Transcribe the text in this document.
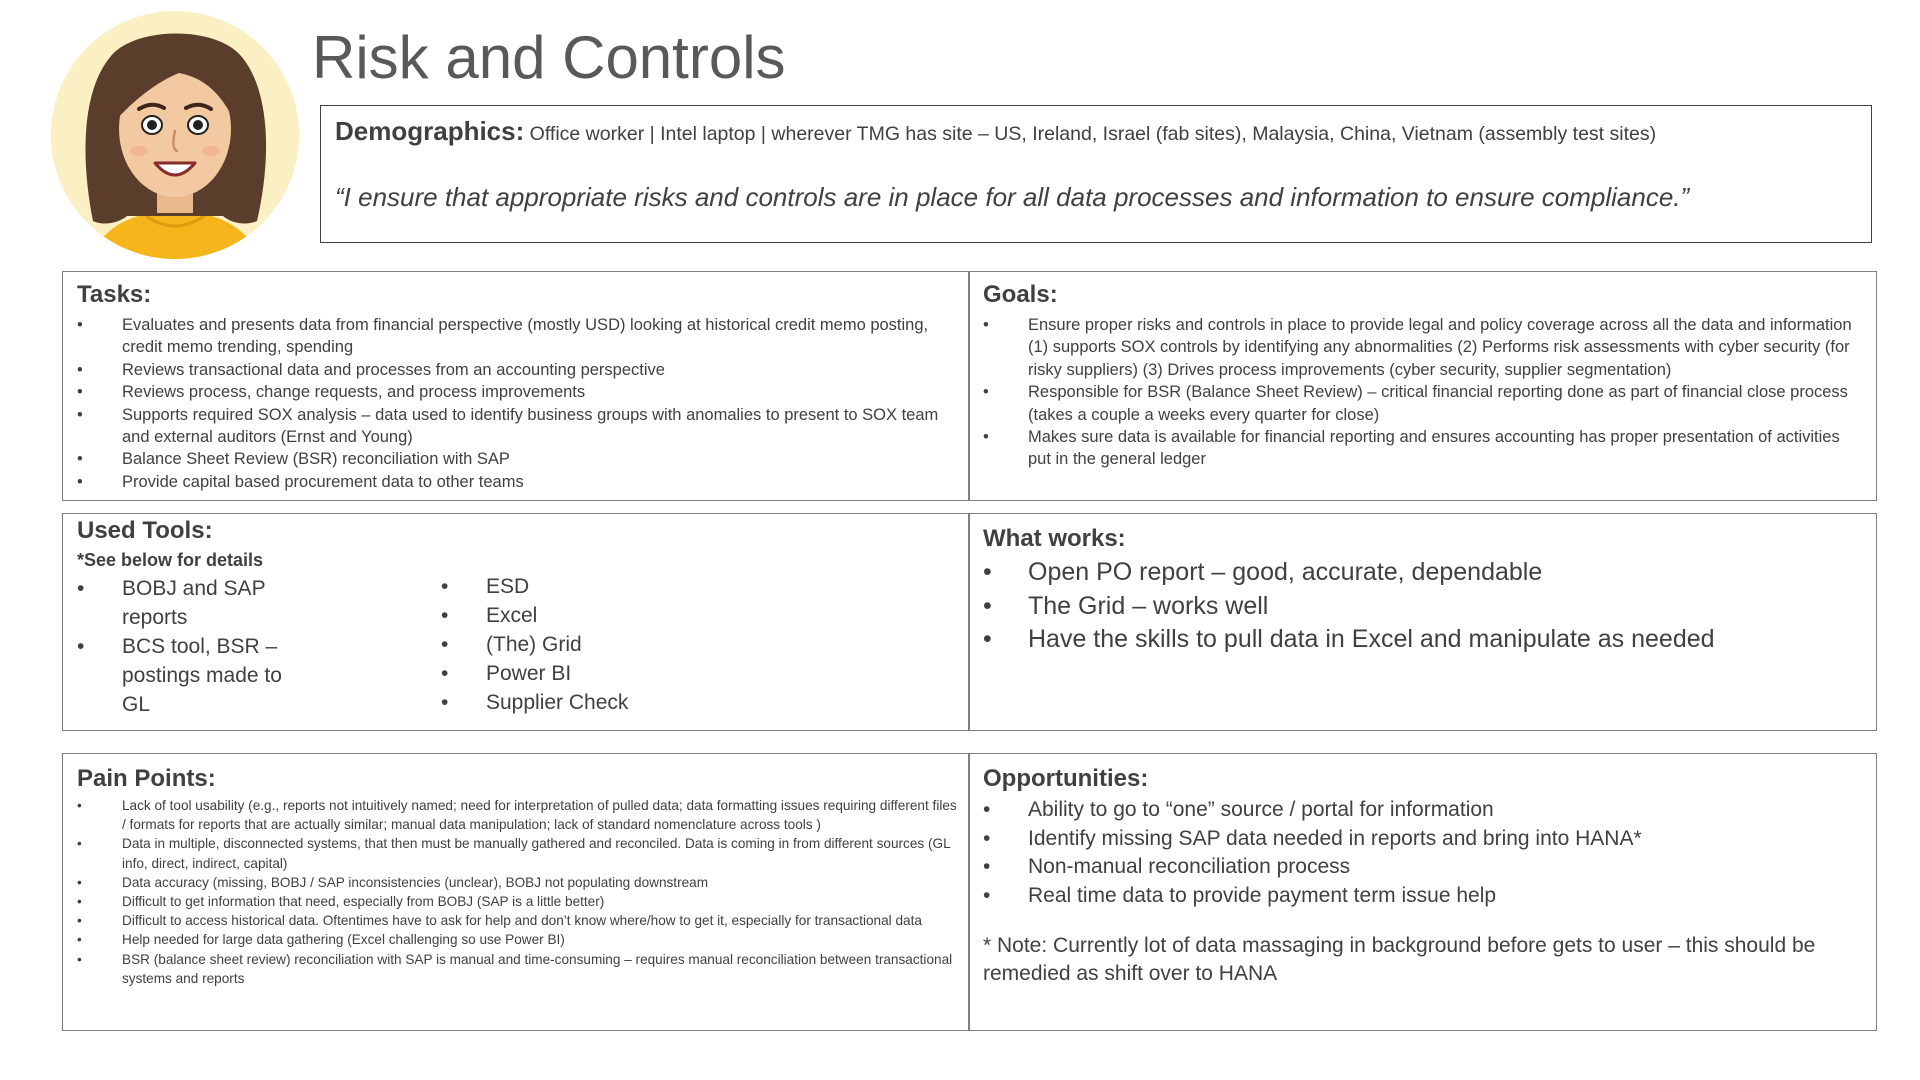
Risk and Controls
Demographics: Office worker | Intel laptop | wherever TMG has site – US, Ireland, Israel (fab sites), Malaysia, China, Vietnam (assembly test sites)
“I ensure that appropriate risks and controls are in place for all data processes and information to ensure compliance.”
Tasks:
• Evaluates and presents data from financial perspective (mostly USD) looking at historical credit memo posting, credit memo trending, spending
• Reviews transactional data and processes from an accounting perspective
• Reviews process, change requests, and process improvements
• Supports required SOX analysis – data used to identify business groups with anomalies to present to SOX team and external auditors (Ernst and Young)
• Balance Sheet Review (BSR) reconciliation with SAP
• Provide capital based procurement data to other teams
Goals:
• Ensure proper risks and controls in place to provide legal and policy coverage across all the data and information (1) supports SOX controls by identifying any abnormalities (2) Performs risk assessments with cyber security (for risky suppliers) (3) Drives process improvements (cyber security, supplier segmentation)
• Responsible for BSR (Balance Sheet Review) – critical financial reporting done as part of financial close process (takes a couple a weeks every quarter for close)
• Makes sure data is available for financial reporting and ensures accounting has proper presentation of activities put in the general ledger
Used Tools:
*See below for details
• BOBJ and SAP reports
• BCS tool, BSR – postings made to GL
• ESD
• Excel
• (The) Grid
• Power BI
• Supplier Check
What works:
• Open PO report – good, accurate, dependable
• The Grid – works well
• Have the skills to pull data in Excel and manipulate as needed
Pain Points:
• Lack of tool usability (e.g., reports not intuitively named; need for interpretation of pulled data; data formatting issues requiring different files / formats for reports that are actually similar; manual data manipulation; lack of standard nomenclature across tools )
• Data in multiple, disconnected systems, that then must be manually gathered and reconciled. Data is coming in from different sources (GL info, direct, indirect, capital)
• Data accuracy (missing, BOBJ / SAP inconsistencies (unclear), BOBJ not populating downstream
• Difficult to get information that need, especially from BOBJ (SAP is a little better)
• Difficult to access historical data. Oftentimes have to ask for help and don’t know where/how to get it, especially for transactional data
• Help needed for large data gathering (Excel challenging so use Power BI)
• BSR (balance sheet review) reconciliation with SAP is manual and time-consuming – requires manual reconciliation between transactional systems and reports
Opportunities:
• Ability to go to “one” source / portal for information
• Identify missing SAP data needed in reports and bring into HANA*
• Non-manual reconciliation process
• Real time data to provide payment term issue help
* Note: Currently lot of data massaging in background before gets to user – this should be remedied as shift over to HANA
